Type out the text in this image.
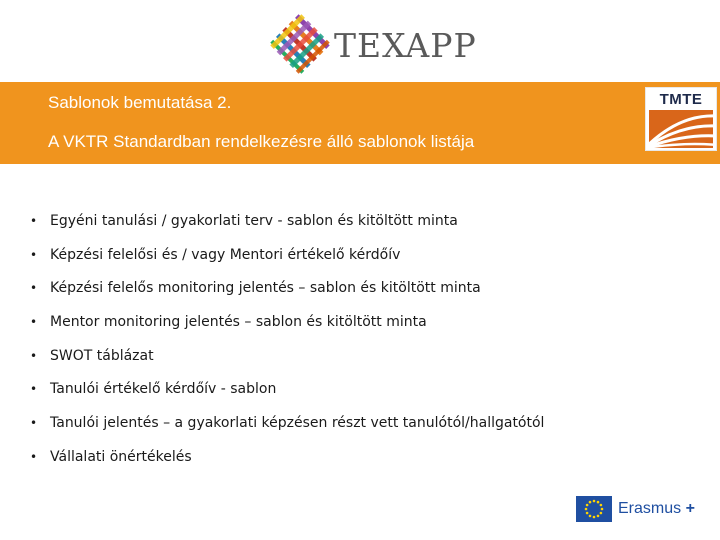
TEXAPP
Sablonok bemutatása 2.
A VKTR Standardban rendelkezésre álló sablonok listája
TMTE
• Egyéni tanulási / gyakorlati terv - sablon és kitöltött minta
• Képzési felelősi és / vagy Mentori értékelő kérdőív
• Képzési felelős monitoring jelentés – sablon és kitöltött minta
• Mentor monitoring jelentés – sablon és kitöltött minta
• SWOT táblázat
• Tanulói értékelő kérdőív - sablon
• Tanulói jelentés – a gyakorlati képzésen részt vett tanulótól/hallgatótól
• Vállalati önértékelés
Erasmus +
